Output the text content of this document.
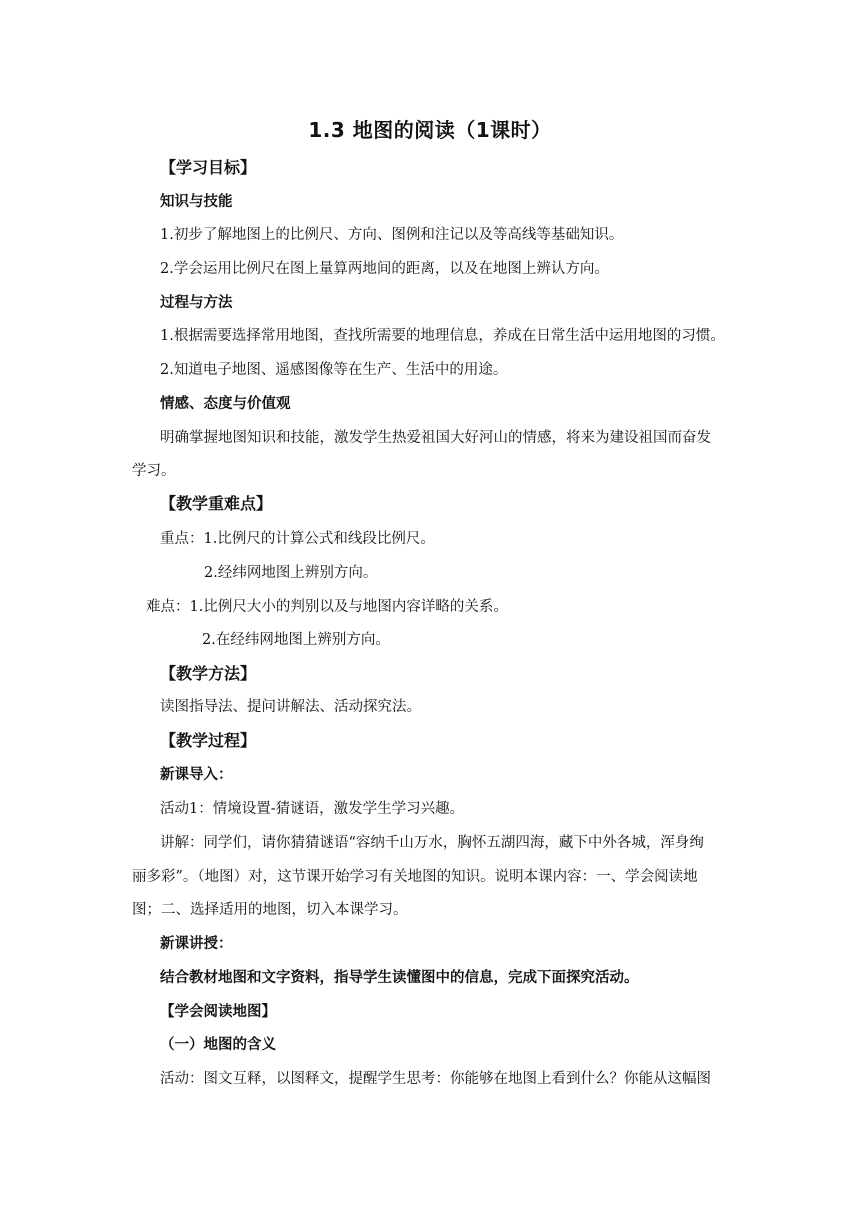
1.3 地图的阅读（1课时）
【学习目标】
知识与技能
1.初步了解地图上的比例尺、方向、图例和注记以及等高线等基础知识。
2.学会运用比例尺在图上量算两地间的距离，以及在地图上辨认方向。
过程与方法
1.根据需要选择常用地图，查找所需要的地理信息，养成在日常生活中运用地图的习惯。
2.知道电子地图、遥感图像等在生产、生活中的用途。
情感、态度与价值观
明确掌握地图知识和技能，激发学生热爱祖国大好河山的情感，将来为建设祖国而奋发
学习。
【教学重难点】
重点：1.比例尺的计算公式和线段比例尺。
2.经纬网地图上辨别方向。
难点：1.比例尺大小的判别以及与地图内容详略的关系。
2.在经纬网地图上辨别方向。
【教学方法】
读图指导法、提问讲解法、活动探究法。
【教学过程】
新课导入：
活动1：情境设置-猜谜语，激发学生学习兴趣。
讲解：同学们，请你猜猜谜语“容纳千山万水，胸怀五湖四海，藏下中外各城，浑身绚
丽多彩”。（地图）对，这节课开始学习有关地图的知识。说明本课内容：一、学会阅读地
图；二、选择适用的地图，切入本课学习。
新课讲授：
结合教材地图和文字资料，指导学生读懂图中的信息，完成下面探究活动。
【学会阅读地图】
（一）地图的含义
活动：图文互释，以图释文，提醒学生思考：你能够在地图上看到什么？你能从这幅图
